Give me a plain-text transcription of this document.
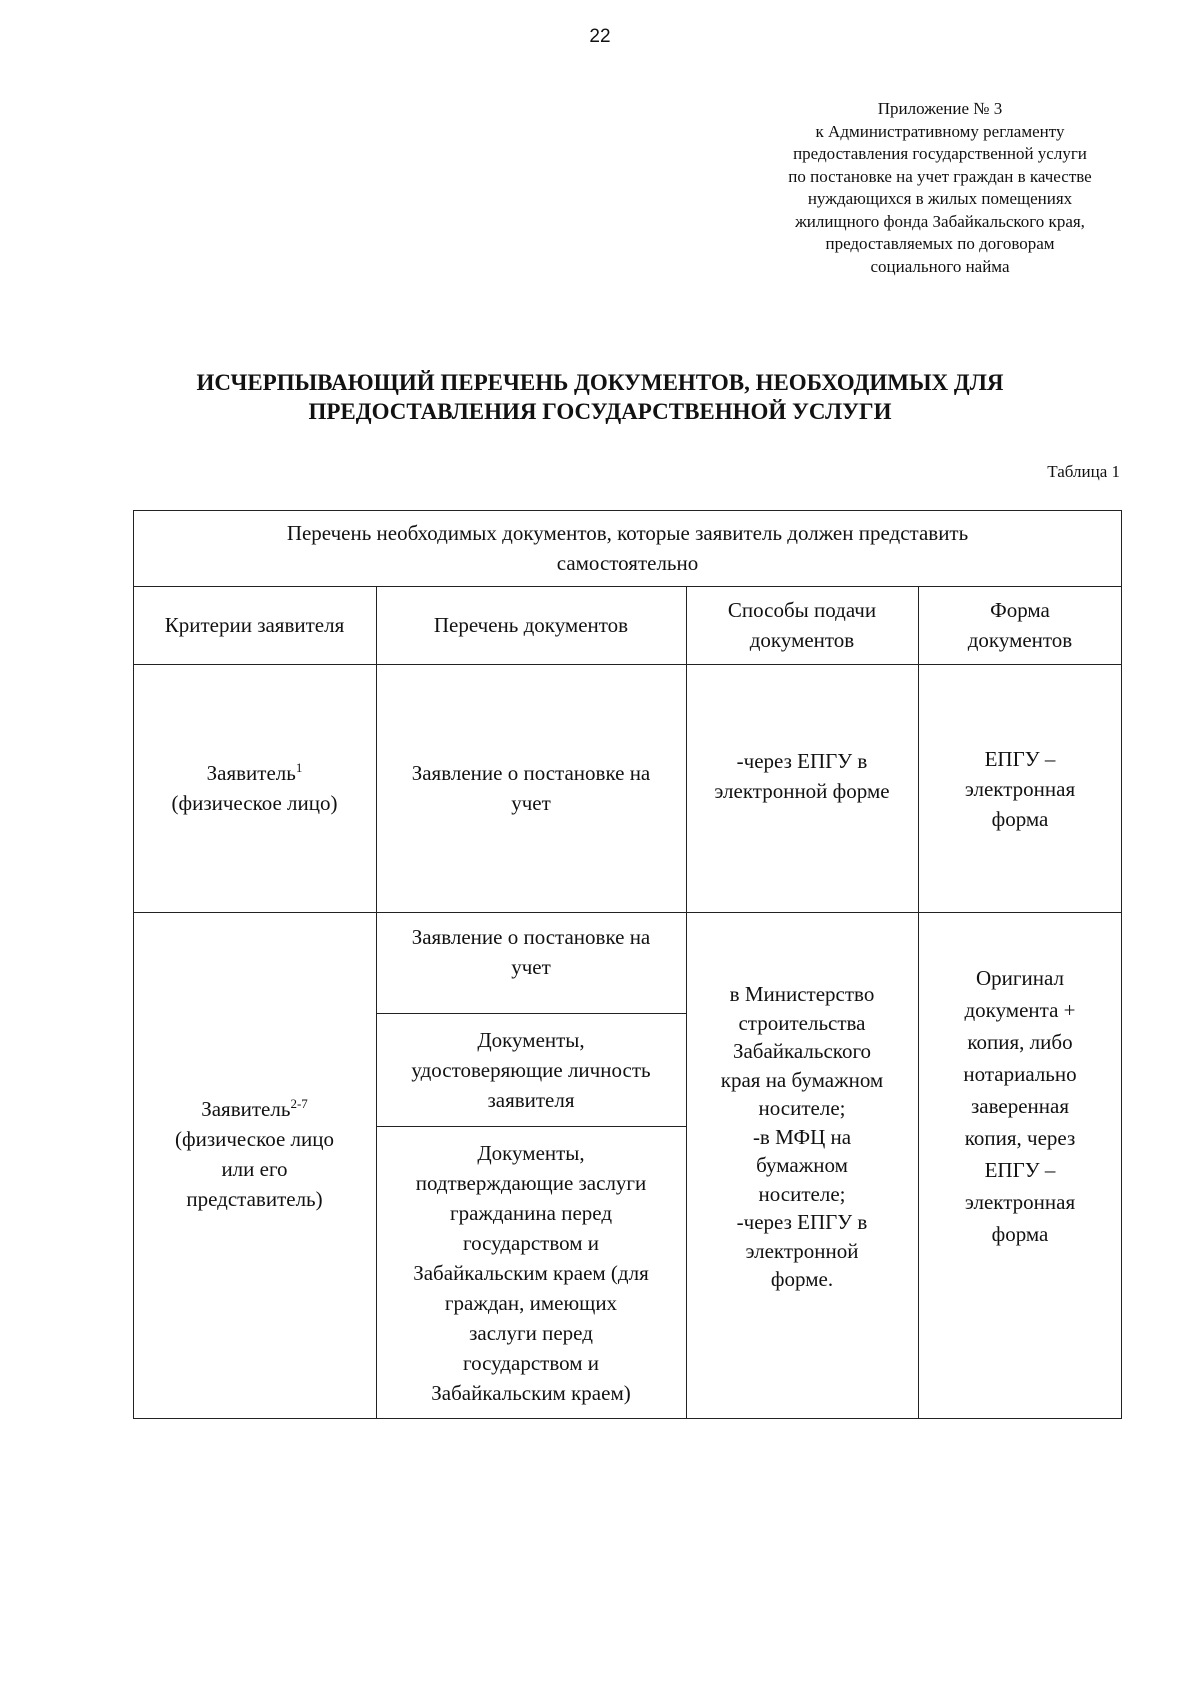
22
Приложение № 3
к Административному регламенту
предоставления государственной услуги
по постановке на учет граждан в качестве
нуждающихся в жилых помещениях
жилищного фонда Забайкальского края,
предоставляемых по договорам
социального найма
ИСЧЕРПЫВАЮЩИЙ ПЕРЕЧЕНЬ ДОКУМЕНТОВ, НЕОБХОДИМЫХ ДЛЯ
ПРЕДОСТАВЛЕНИЯ ГОСУДАРСТВЕННОЙ УСЛУГИ
Таблица 1
Перечень необходимых документов, которые заявитель должен представить
самостоятельно
Критерии заявителя	Перечень документов
Способы подачи
документов
Форма
документов
Заявитель$^1$
(физическое лицо)
Заявление о постановке на
учет
-через ЕПГУ в
электронной форме
ЕПГУ –
электронная
форма
Заявитель$^{2-7}$
(физическое лицо
или его
представитель)
Заявление о постановке на
учет
Документы,
удостоверяющие личность
заявителя
Документы,
подтверждающие заслуги
гражданина перед
государством и
Забайкальским краем (для
граждан, имеющих
заслуги перед
государством и
Забайкальским краем)
в Министерство
строительства
Забайкальского
края на бумажном
носителе;
-в МФЦ на
бумажном
носителе;
-через ЕПГУ в
электронной
форме.
Оригинал
документа +
копия, либо
нотариально
заверенная
копия, через
ЕПГУ –
электронная
форма
